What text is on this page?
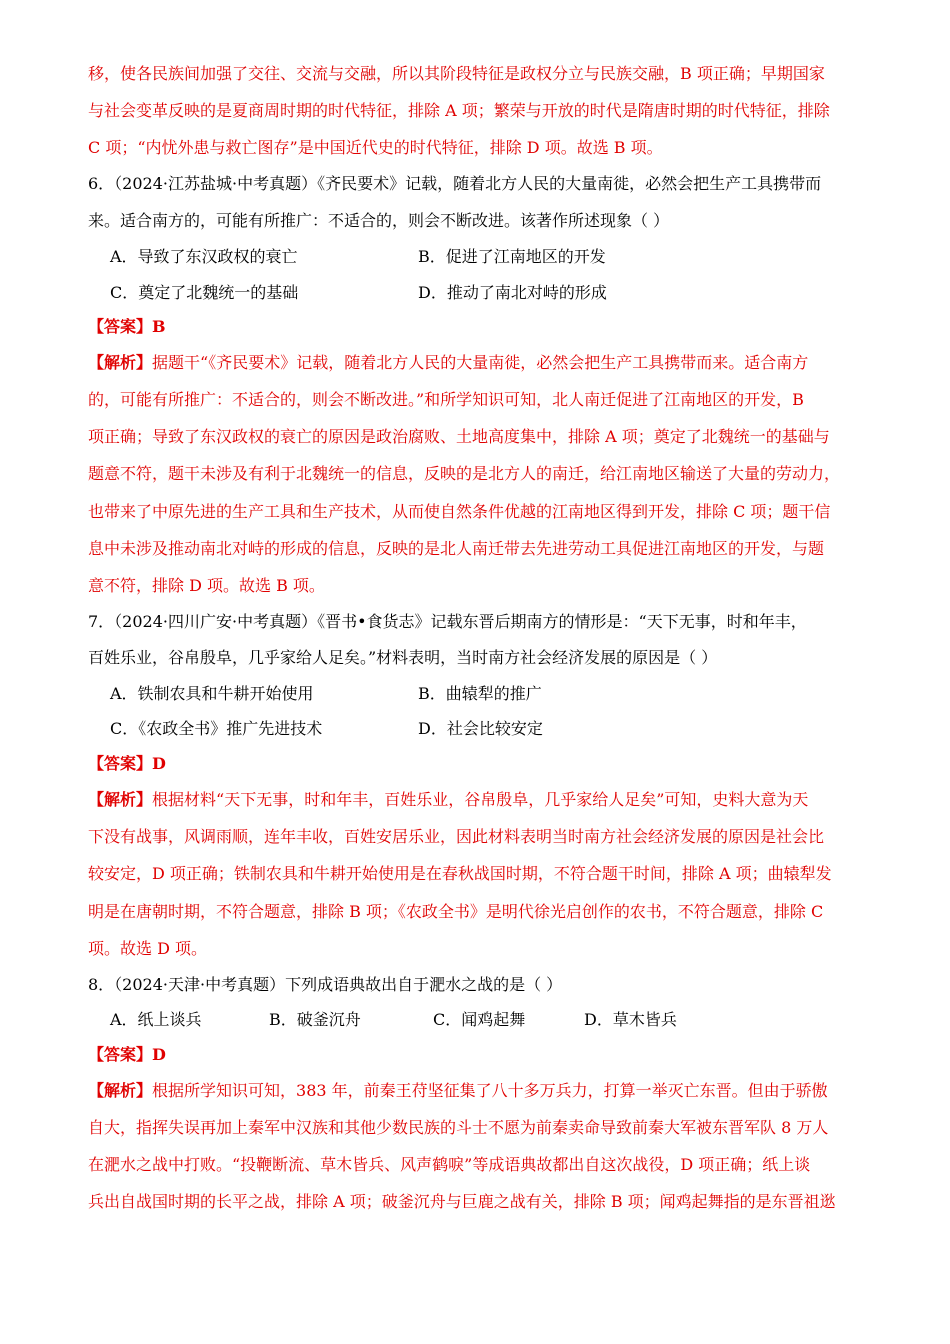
移，使各民族间加强了交往、交流与交融，所以其阶段特征是政权分立与民族交融，B 项正确；早期国家
与社会变革反映的是夏商周时期的时代特征，排除 A 项；繁荣与开放的时代是隋唐时期的时代特征，排除
C 项；“内忧外患与救亡图存”是中国近代史的时代特征，排除 D 项。故选 B 项。
6．（2024·江苏盐城·中考真题）《齐民要术》记载，随着北方人民的大量南徙，必然会把生产工具携带而
来。适合南方的，可能有所推广：不适合的，则会不断改进。该著作所述现象（ ）
A．导致了东汉政权的衰亡	B．促进了江南地区的开发
C．奠定了北魏统一的基础	D．推动了南北对峙的形成
【答案】B
【解析】据题干“《齐民要术》记载，随着北方人民的大量南徙，必然会把生产工具携带而来。适合南方
的，可能有所推广：不适合的，则会不断改进。”和所学知识可知，北人南迁促进了江南地区的开发，B
项正确；导致了东汉政权的衰亡的原因是政治腐败、土地高度集中，排除 A 项；奠定了北魏统一的基础与
题意不符，题干未涉及有利于北魏统一的信息，反映的是北方人的南迁，给江南地区输送了大量的劳动力，
也带来了中原先进的生产工具和生产技术，从而使自然条件优越的江南地区得到开发，排除 C 项；题干信
息中未涉及推动南北对峙的形成的信息，反映的是北人南迁带去先进劳动工具促进江南地区的开发，与题
意不符，排除 D 项。故选 B 项。
7．（2024·四川广安·中考真题）《晋书•食货志》记载东晋后期南方的情形是：“天下无事，时和年丰，
百姓乐业，谷帛殷阜，几乎家给人足矣。”材料表明，当时南方社会经济发展的原因是（ ）
A．铁制农具和牛耕开始使用	B．曲辕犁的推广
C．《农政全书》推广先进技术	D．社会比较安定
【答案】D
【解析】根据材料“天下无事，时和年丰，百姓乐业，谷帛殷阜，几乎家给人足矣”可知，史料大意为天
下没有战事，风调雨顺，连年丰收，百姓安居乐业，因此材料表明当时南方社会经济发展的原因是社会比
较安定，D 项正确；铁制农具和牛耕开始使用是在春秋战国时期，不符合题干时间，排除 A 项；曲辕犁发
明是在唐朝时期，不符合题意，排除 B 项；《农政全书》是明代徐光启创作的农书，不符合题意，排除 C
项。故选 D 项。
8．（2024·天津·中考真题）下列成语典故出自于淝水之战的是（ ）
A．纸上谈兵	B．破釜沉舟	C．闻鸡起舞	D．草木皆兵
【答案】D
【解析】根据所学知识可知，383 年，前秦王苻坚征集了八十多万兵力，打算一举灭亡东晋。但由于骄傲
自大，指挥失误再加上秦军中汉族和其他少数民族的斗士不愿为前秦卖命导致前秦大军被东晋军队 8 万人
在淝水之战中打败。“投鞭断流、草木皆兵、风声鹤唳”等成语典故都出自这次战役，D 项正确；纸上谈
兵出自战国时期的长平之战，排除 A 项；破釜沉舟与巨鹿之战有关，排除 B 项；闻鸡起舞指的是东晋祖逖
